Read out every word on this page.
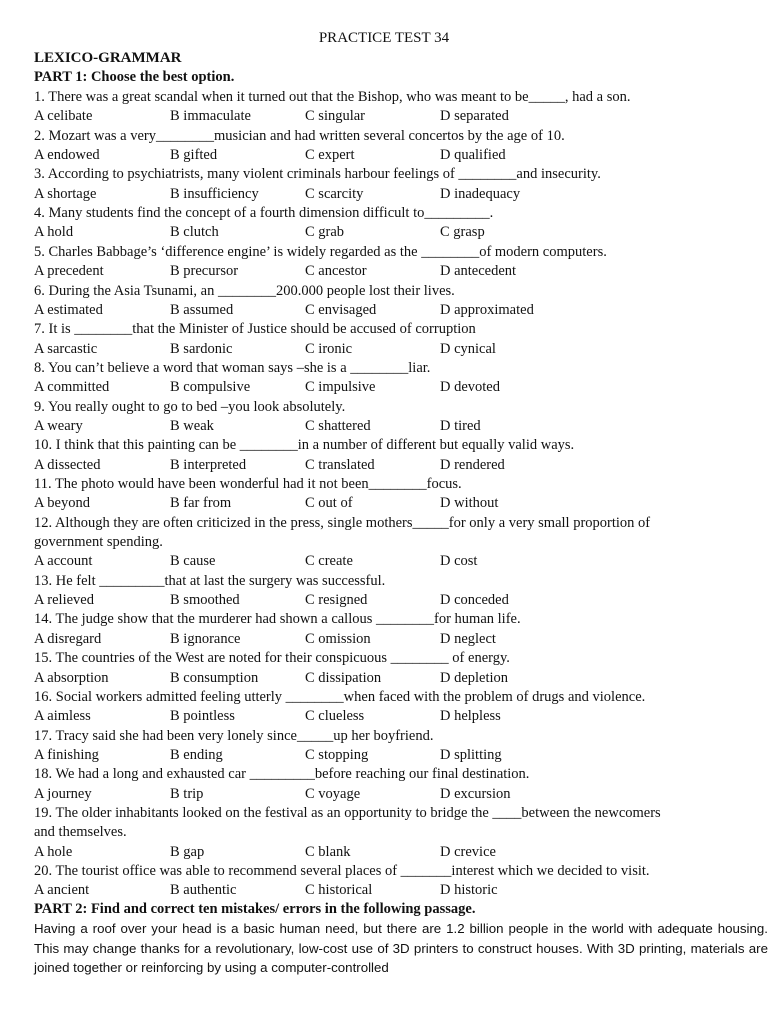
PRACTICE TEST 34
LEXICO-GRAMMAR
PART 1: Choose the best option.
1. There was a great scandal when it turned out that the Bishop, who was meant to be_____, had a son.
A celibate	B immaculate	C singular	D separated
2. Mozart was a very________musician and had written several concertos by the age of 10.
A endowed	B gifted	C expert	D qualified
3. According to psychiatrists, many violent criminals harbour feelings of ________and insecurity.
A shortage	B insufficiency	C scarcity	D inadequacy
4. Many students find the concept of a fourth dimension difficult to_________.
A hold	B clutch	C grab	C grasp
5. Charles Babbage’s ‘difference engine’ is widely regarded as the ________of modern computers.
A precedent	B precursor	C ancestor	D antecedent
6. During the Asia Tsunami, an ________200.000 people lost their lives.
A estimated	B assumed	C envisaged	D approximated
7. It is ________that the Minister of Justice should be accused of corruption
A sarcastic	B sardonic	C ironic	D cynical
8. You can’t believe a word that woman says –she is a ________liar.
A committed	B compulsive	C impulsive	D devoted
9. You really ought to go to bed –you look absolutely.
A weary	B weak	C shattered	D tired
10. I think that this painting can be ________in a number of different but equally valid ways.
A dissected	B interpreted	C translated	D rendered
11. The photo would have been wonderful had it not been________focus.
A beyond	B far from	C out of	D without
12. Although they are often criticized in the press, single mothers_____for only a very small proportion of
government spending.
A account	B cause	C create	D cost
13. He felt _________that at last the surgery was successful.
A relieved	B smoothed	C resigned	D conceded
14. The judge show that the murderer had shown a callous ________for human life.
A disregard	B ignorance	C omission	D neglect
15. The countries of the West are noted for their conspicuous ________ of energy.
A absorption	B consumption	C dissipation	D depletion
16. Social workers admitted feeling utterly ________when faced with the problem of drugs and violence.
A aimless	B pointless	C clueless	D helpless
17. Tracy said she had been very lonely since_____up her boyfriend.
A finishing	B ending	C stopping	D splitting
18. We had a long and exhausted car _________before reaching our final destination.
A journey	B trip	C voyage	D excursion
19. The older inhabitants looked on the festival as an opportunity to bridge the ____between the newcomers
and themselves.
A hole	B gap	C blank	D crevice
20. The tourist office was able to recommend several places of _______interest which we decided to visit.
A ancient	B authentic	C historical	D historic
PART 2: Find and correct ten mistakes/ errors in the following passage.

Having a roof over your head is a basic human need, but there are 1.2 billion people in the world with adequate housing. This may change thanks for a revolutionary, low-cost use of 3D printers to construct houses. With 3D printing, materials are joined together or reinforcing by using a computer-controlled
